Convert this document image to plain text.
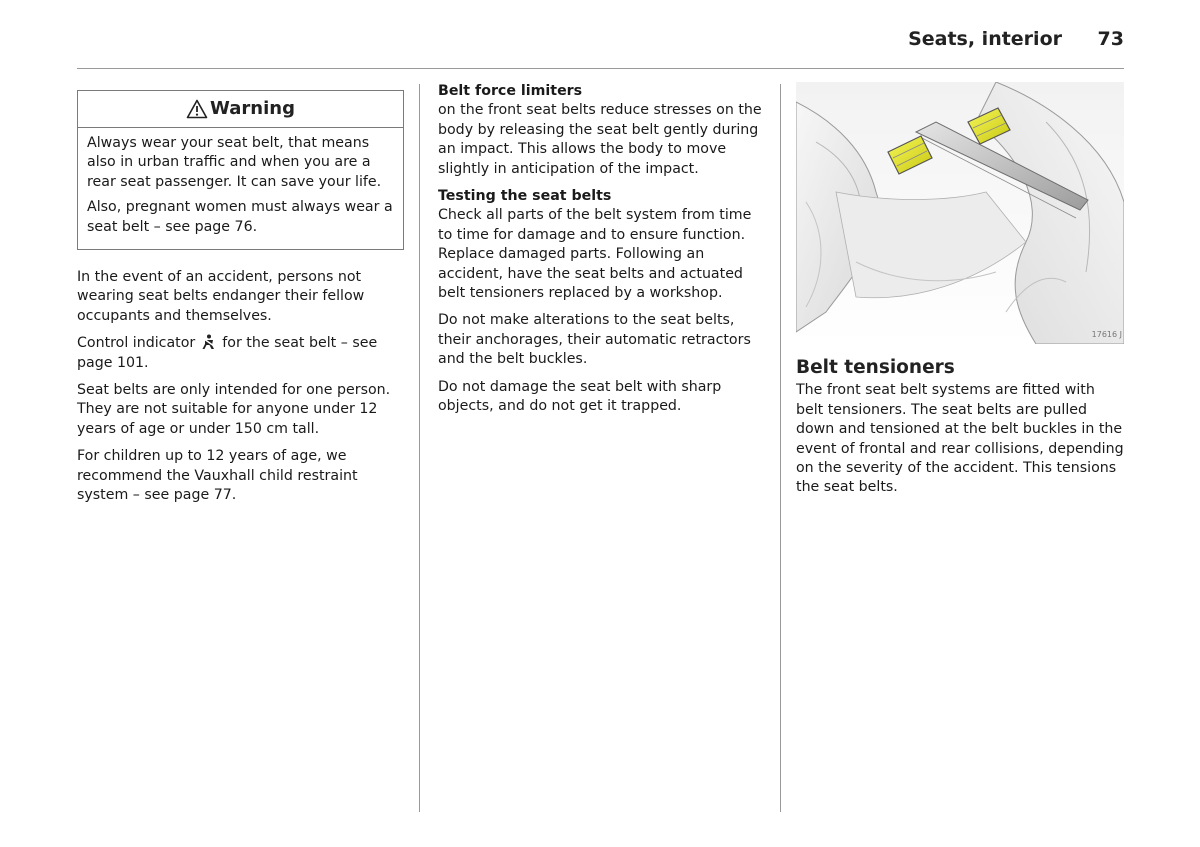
Seats, interior	73
Warning

Always wear your seat belt, that means also in urban traffic and when you are a rear seat passenger. It can save your life.

Also, pregnant women must always wear a seat belt – see page 76.

In the event of an accident, persons not wearing seat belts endanger their fellow occupants and themselves.

Control indicator for the seat belt – see page 101.

Seat belts are only intended for one person. They are not suitable for anyone under 12 years of age or under 150 cm tall.

For children up to 12 years of age, we recommend the Vauxhall child restraint system – see page 77.

Belt force limiters
on the front seat belts reduce stresses on the body by releasing the seat belt gently during an impact. This allows the body to move slightly in anticipation of the impact.
Testing the seat belts
Check all parts of the belt system from time to time for damage and to ensure function. Replace damaged parts. Following an accident, have the seat belts and actuated belt tensioners replaced by a workshop.

Do not make alterations to the seat belts, their anchorages, their automatic retractors and the belt buckles.

Do not damage the seat belt with sharp objects, and do not get it trapped.

17616 J
Belt tensioners

The front seat belt systems are fitted with belt tensioners. The seat belts are pulled down and tensioned at the belt buckles in the event of frontal and rear collisions, depending on the severity of the accident. This tensions the seat belts.
